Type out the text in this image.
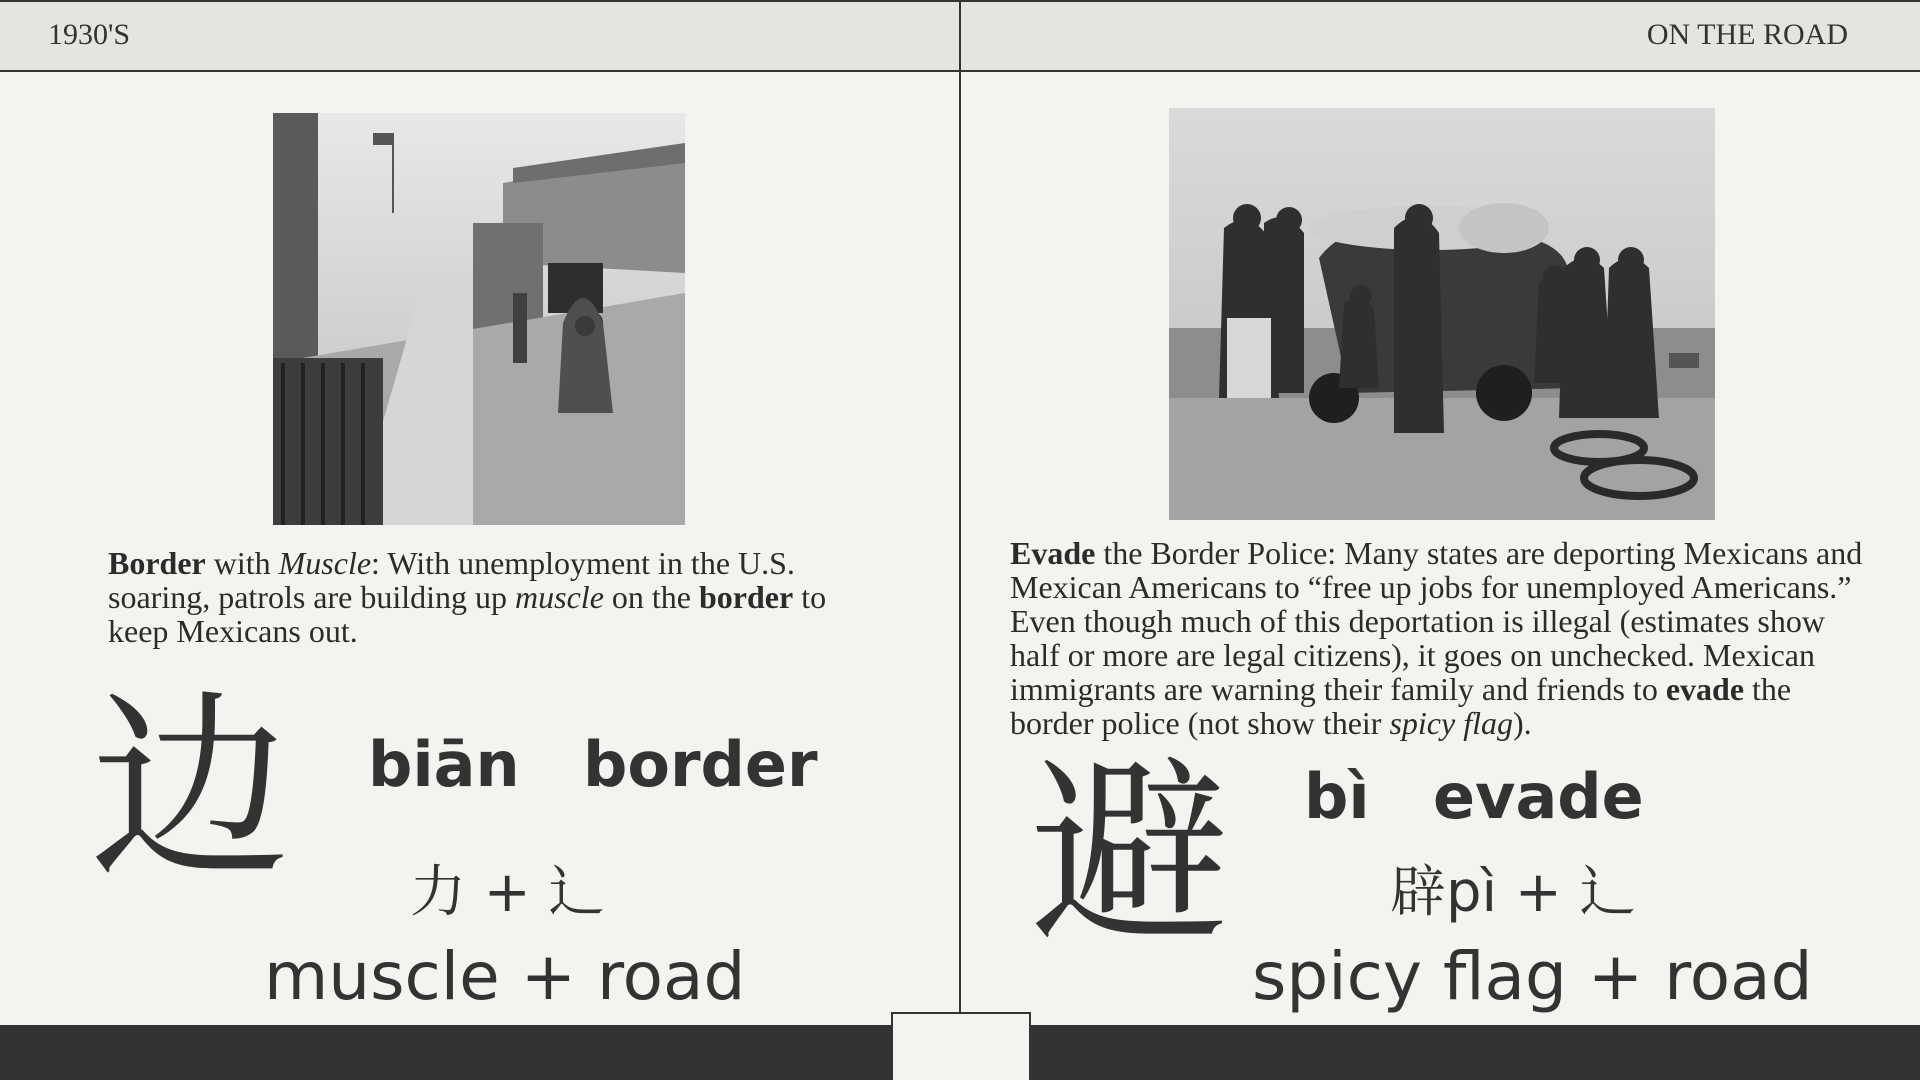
1930'S	ON THE ROAD
Border with Muscle: With unemployment in the U.S. soaring, patrols are building up muscle on the border to keep Mexicans out.
边 biān border
力 + 辶
muscle + road
Evade the Border Police: Many states are deporting Mexicans and Mexican Americans to “free up jobs for unemployed Americans.” Even though much of this deportation is illegal (estimates show half or more are legal citizens), it goes on unchecked. Mexican immigrants are warning their family and friends to evade the border police (not show their spicy flag).
避 bì evade
辟pì + 辶
spicy flag + road
